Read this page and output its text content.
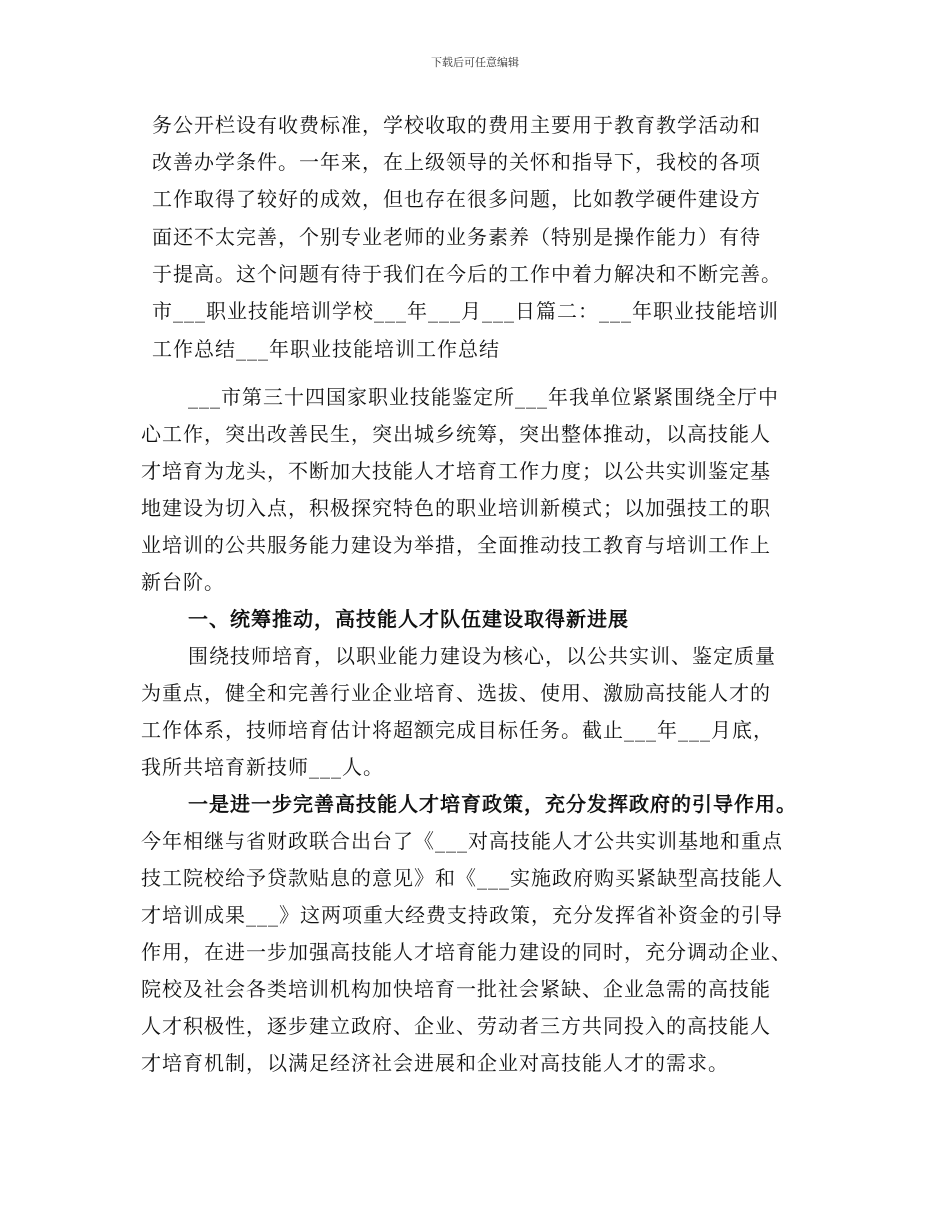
下载后可任意编辑
务公开栏设有收费标准，学校收取的费用主要用于教育教学活动和
改善办学条件。一年来，在上级领导的关怀和指导下，我校的各项
工作取得了较好的成效，但也存在很多问题，比如教学硬件建设方
面还不太完善，个别专业老师的业务素养（特别是操作能力）有待
于提高。这个问题有待于我们在今后的工作中着力解决和不断完善。
市___职业技能培训学校___年___月___日篇二：___年职业技能培训
工作总结___年职业技能培训工作总结
___市第三十四国家职业技能鉴定所___年我单位紧紧围绕全厅中
心工作，突出改善民生，突出城乡统筹，突出整体推动，以高技能人
才培育为龙头，不断加大技能人才培育工作力度；以公共实训鉴定基
地建设为切入点，积极探究特色的职业培训新模式；以加强技工的职
业培训的公共服务能力建设为举措，全面推动技工教育与培训工作上
新台阶。
一、统筹推动，高技能人才队伍建设取得新进展
围绕技师培育，以职业能力建设为核心，以公共实训、鉴定质量
为重点，健全和完善行业企业培育、选拔、使用、激励高技能人才的
工作体系，技师培育估计将超额完成目标任务。截止___年___月底，
我所共培育新技师___人。
一是进一步完善高技能人才培育政策，充分发挥政府的引导作用。
今年相继与省财政联合出台了《___对高技能人才公共实训基地和重点
技工院校给予贷款贴息的意见》和《___实施政府购买紧缺型高技能人
才培训成果___》这两项重大经费支持政策，充分发挥省补资金的引导
作用，在进一步加强高技能人才培育能力建设的同时，充分调动企业、
院校及社会各类培训机构加快培育一批社会紧缺、企业急需的高技能
人才积极性，逐步建立政府、企业、劳动者三方共同投入的高技能人
才培育机制，以满足经济社会进展和企业对高技能人才的需求。
